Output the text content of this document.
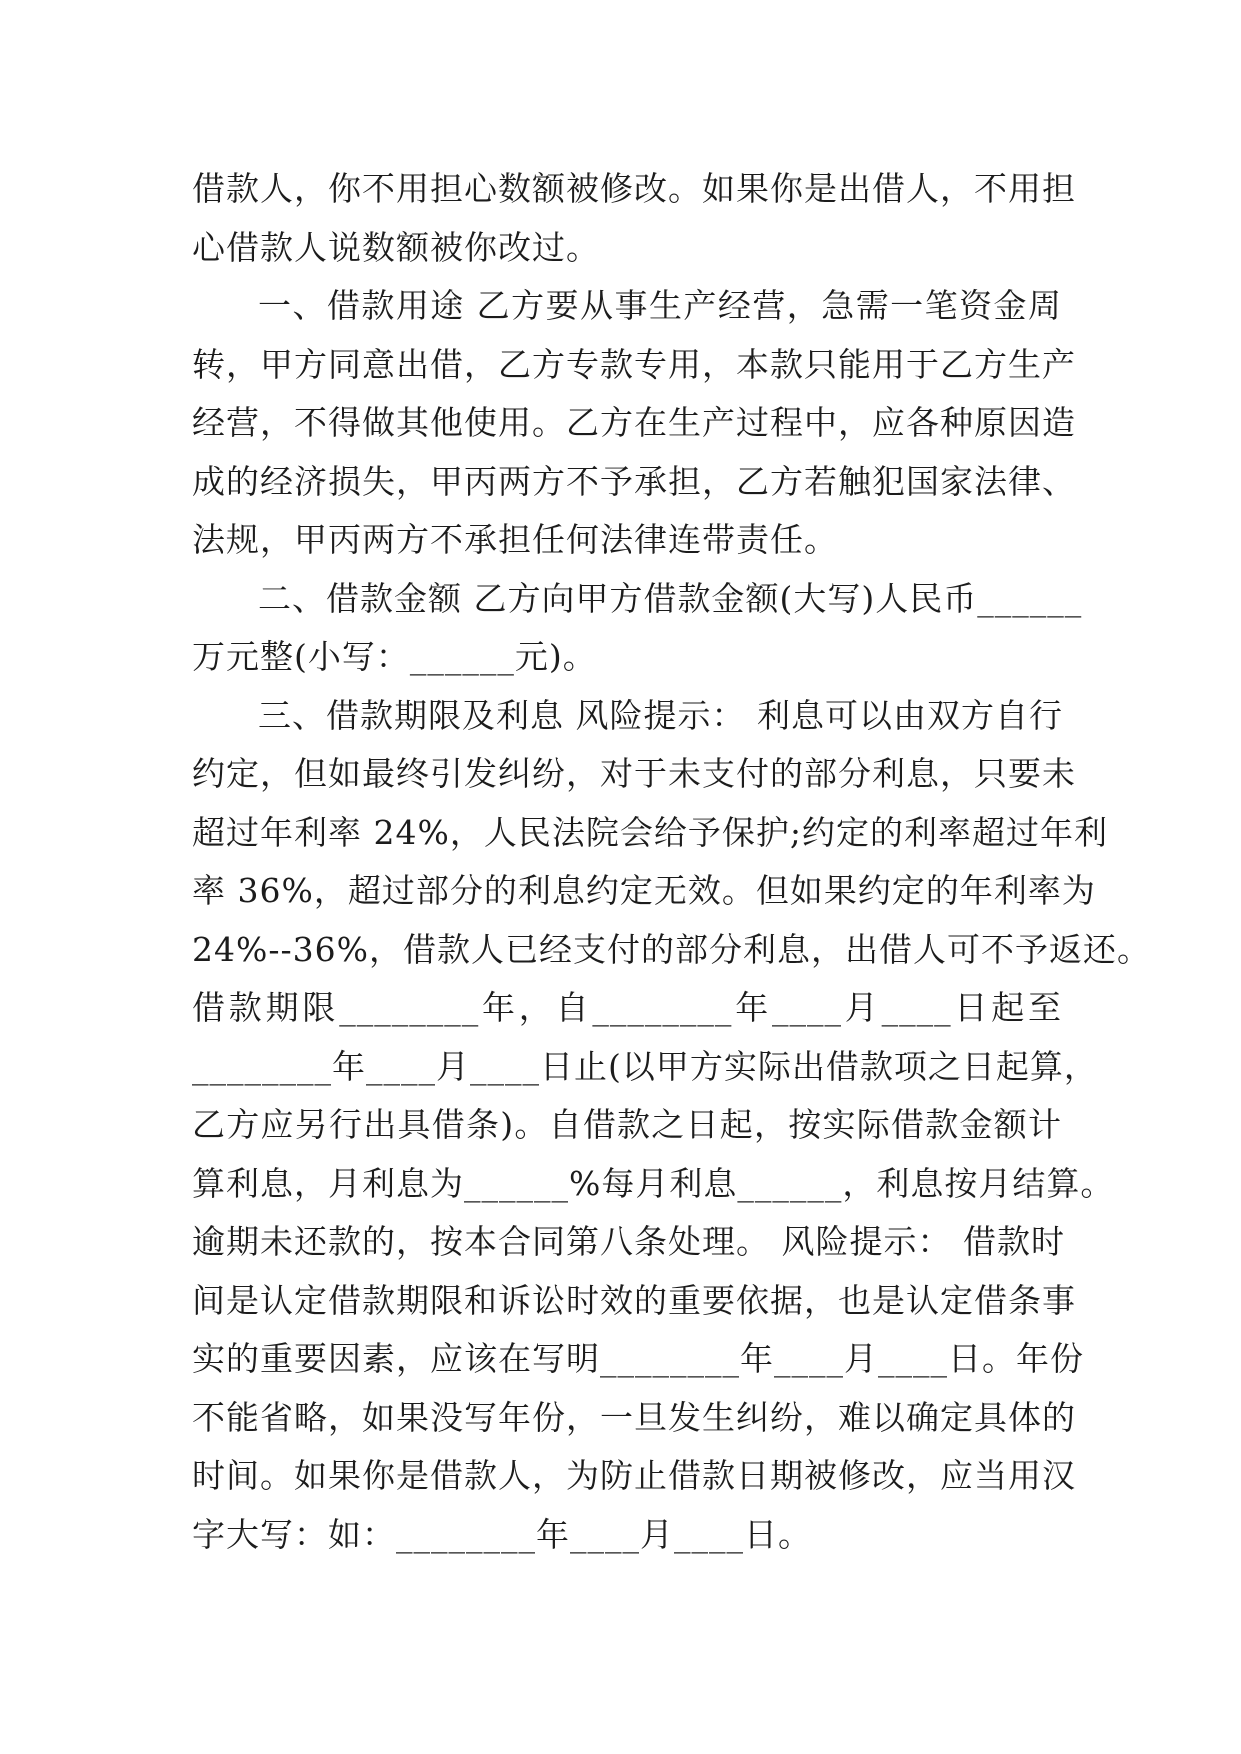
借款人，你不用担心数额被修改。如果你是出借人，不用担
心借款人说数额被你改过。
一、借款用途 乙方要从事生产经营，急需一笔资金周
转，甲方同意出借，乙方专款专用，本款只能用于乙方生产
经营，不得做其他使用。乙方在生产过程中，应各种原因造
成的经济损失，甲丙两方不予承担，乙方若触犯国家法律、
法规，甲丙两方不承担任何法律连带责任。
二、借款金额 乙方向甲方借款金额(大写)人民币______
万元整(小写：______元)。
三、借款期限及利息 风险提示： 利息可以由双方自行
约定，但如最终引发纠纷，对于未支付的部分利息，只要未
超过年利率 24%，人民法院会给予保护;约定的利率超过年利
率 36%，超过部分的利息约定无效。但如果约定的年利率为
24%--36%，借款人已经支付的部分利息，出借人可不予返还。
借款期限________年，自________年____月____日起至
________年____月____日止(以甲方实际出借款项之日起算，
乙方应另行出具借条)。自借款之日起，按实际借款金额计
算利息，月利息为______%每月利息______，利息按月结算。
逾期未还款的，按本合同第八条处理。 风险提示： 借款时
间是认定借款期限和诉讼时效的重要依据，也是认定借条事
实的重要因素，应该在写明________年____月____日。年份
不能省略，如果没写年份，一旦发生纠纷，难以确定具体的
时间。如果你是借款人，为防止借款日期被修改，应当用汉
字大写：如：________年____月____日。
